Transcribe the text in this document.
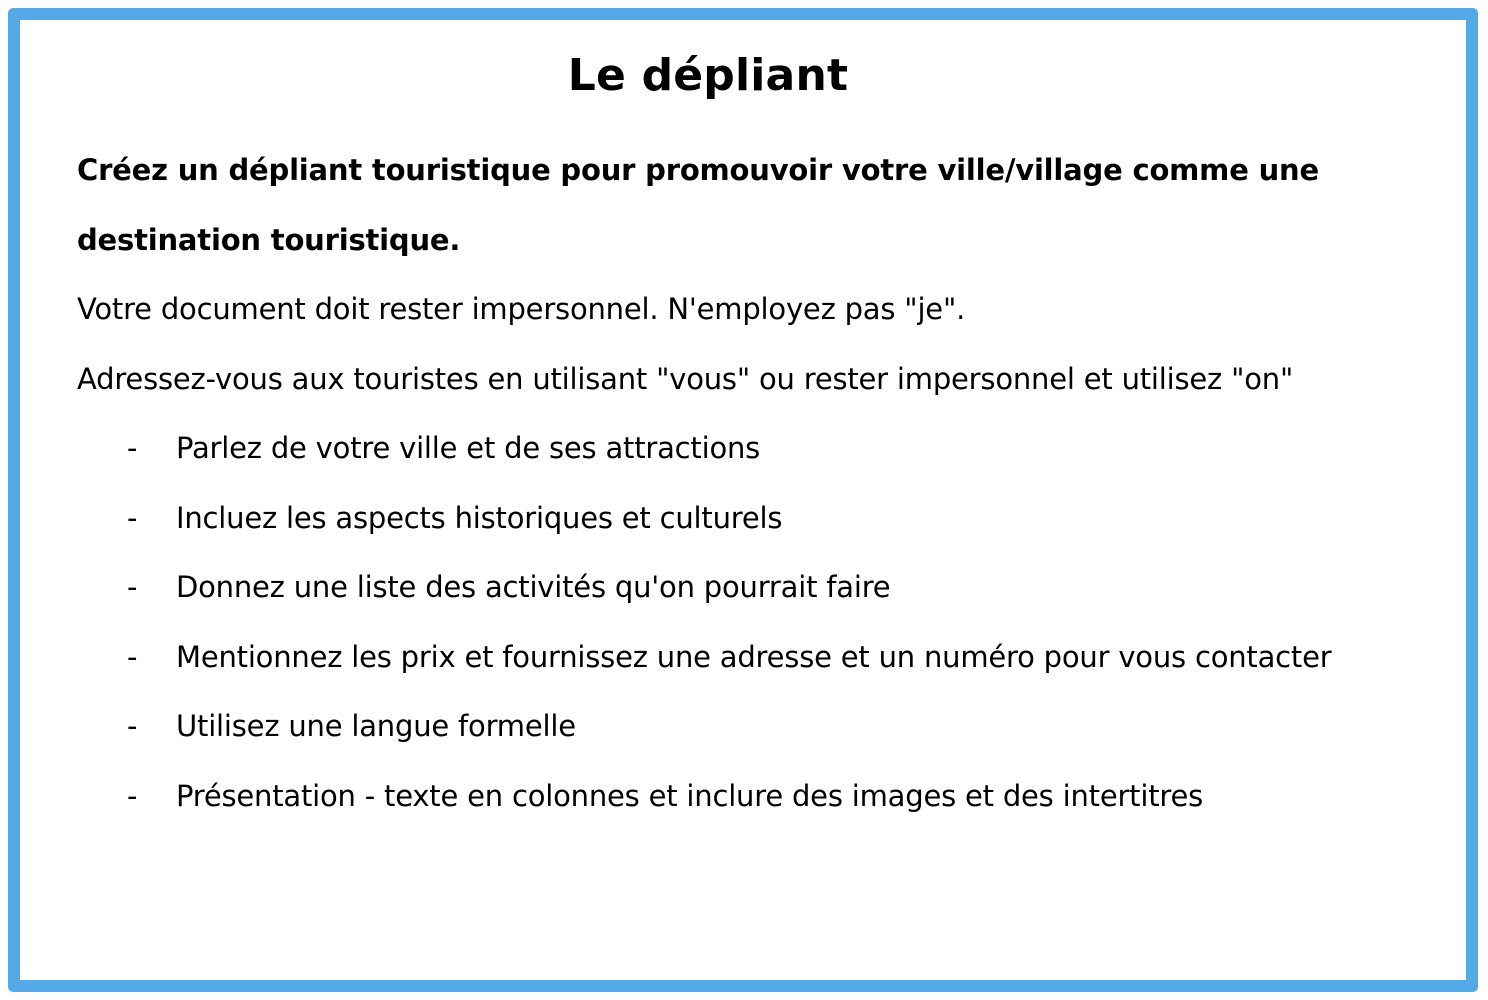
Le dépliant

Créez un dépliant touristique pour promouvoir votre ville/village comme une destination touristique.

Votre document doit rester impersonnel. N'employez pas "je".

Adressez-vous aux touristes en utilisant "vous" ou rester impersonnel et utilisez "on"

- Parlez de votre ville et de ses attractions
- Incluez les aspects historiques et culturels
- Donnez une liste des activités qu'on pourrait faire
- Mentionnez les prix et fournissez une adresse et un numéro pour vous contacter
- Utilisez une langue formelle
- Présentation - texte en colonnes et inclure des images et des intertitres
